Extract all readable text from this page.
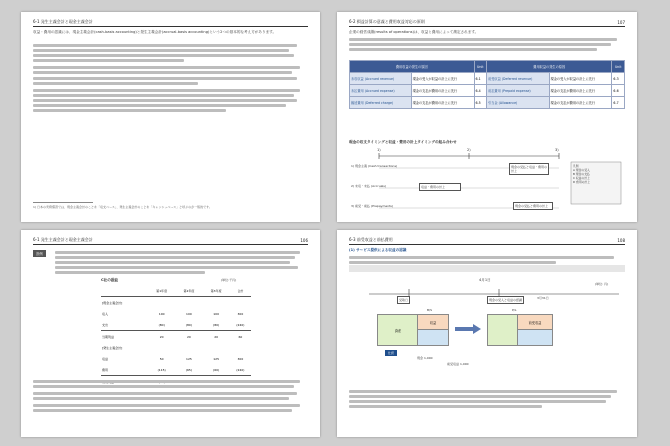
6-1 発生主義会計と現金主義会計
収益・費用の認識には、現金主義会計(cash-basis accounting)と発生主義会計(accrual-basis accounting)という2つの基本的な考え方があります。
1) 日本の実務慣習では、現金主義会計のことを「収支ベース」、発生主義会計のことを「キャッシュベース」と呼ぶのが一般的です。
6-2 損益計算の意義と費用収益対応の原則	107
企業の経営成績(results of operations)は、収益と費用によって測定されます。
費用収益の発生の原因		Unit	費用収益の発生の原因		Unit
未収収益 (Accrued revenue)	現金の受入が収益の計上に先行	6-1	前受収益 (Deferred revenue)	現金の受入が収益の計上に先行	6-3
未払費用 (Accrued expense)	現金の支払が費用の計上に先行	6-4	前払費用 (Prepaid expense)	現金の支払が費用の計上に先行	6-6
繰延費用 (Deferred charge)	現金の支払が費用の計上に先行	6-5	引当金 (Allowance)	現金の支払が費用の計上に先行	6-7
現金の収支タイミングと収益・費用の計上タイミングの組み合わせ
1)	2)	3)
1) 現金主義 (Cash transactions)
2) 未収・未払 (Accruals)
3) 前受・前払 (Prepayments)
現金の受払と収益・費用の計上
収益・費用の計上
現金の受払と費用の計上
凡例
A 現金の受入
B 現金の支払
C 収益の計上
D 費用の計上
6-1 発生主義会計と現金主義会計	106
設例
C社の損益	(単位:千円)
	第1年度	第2年度	第3年度	合計
[現金主義会計]				
収入	100	100	100	300
支出	(80)	(80)	(80)	(240)
当期利益	20	20	20	60
[発生主義会計]				
収益	50	125	125	300
費用	(115)	(65)	(60)	(240)

6-3 前受収益と前払費用	108
(1) サービス提供による収益の認識
4月1日
(単位: 円)
受取日	現金の受入と収益の認識	3月31日
B/S	P/L
資産
収益	前受収益
仕訳
現金 1,000
前受収益 1,000
